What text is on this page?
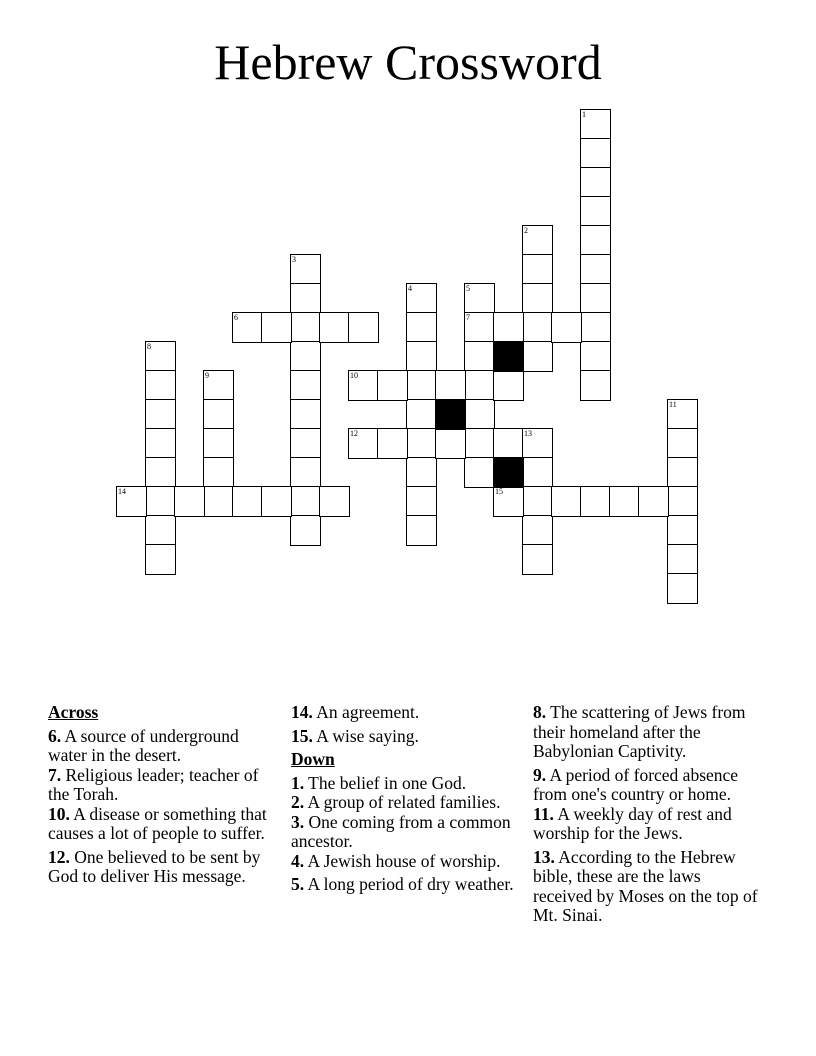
Hebrew Crossword
1
2
3
4	5
7
6
8
9	10
11
12	13
14	15
Across
6. A source of underground water in the desert.
7. Religious leader; teacher of the Torah.
10. A disease or something that causes a lot of people to suffer.
12. One believed to be sent by God to deliver His message.
14. An agreement.
15. A wise saying.
Down
1. The belief in one God.
2. A group of related families.
3. One coming from a common ancestor.
4. A Jewish house of worship.
5. A long period of dry weather.
8. The scattering of Jews from their homeland after the Babylonian Captivity.
9. A period of forced absence from one's country or home.
11. A weekly day of rest and worship for the Jews.
13. According to the Hebrew bible, these are the laws received by Moses on the top of Mt. Sinai.
